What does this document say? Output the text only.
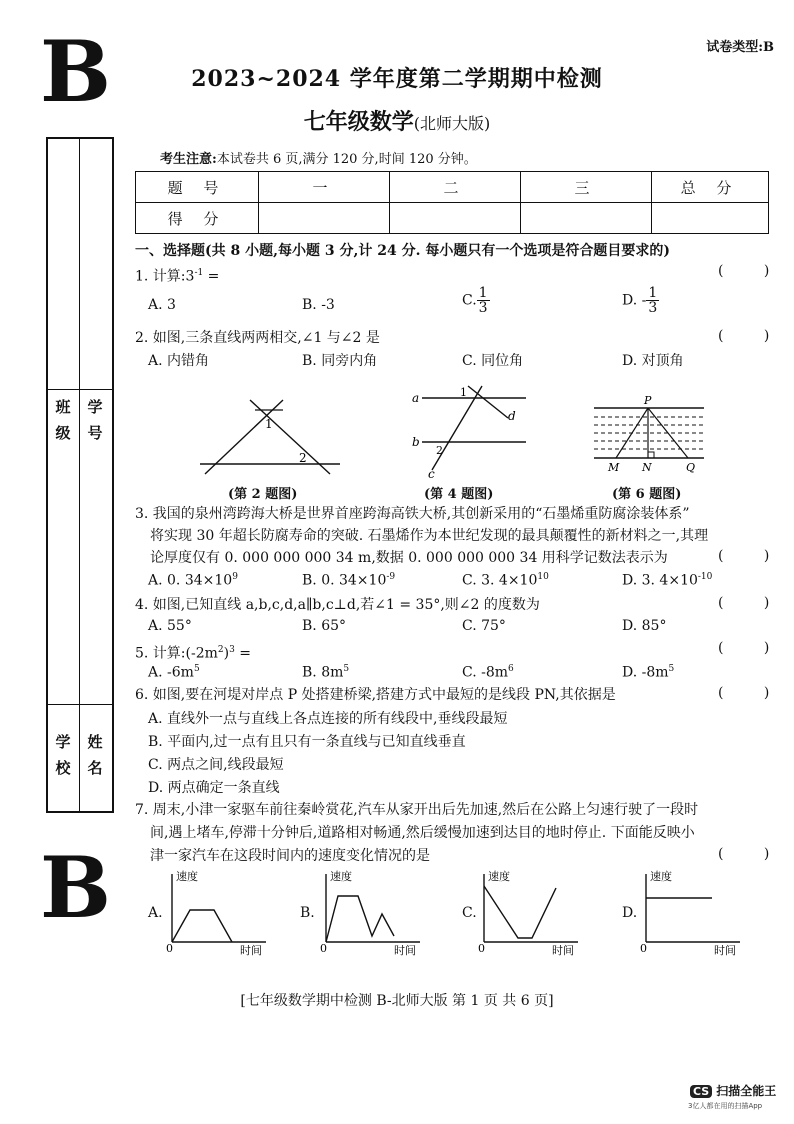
B
B
试卷类型:B
2023~2024 学年度第二学期期中检测
七年级数学(北师大版)
考生注意:本试卷共 6 页,满分 120 分,时间 120 分钟。
题 号	一	二	三	总 分
得 分				
班级
学号
学校
姓名
一、选择题(共 8 小题,每小题 3 分,计 24 分. 每小题只有一个选项是符合题目要求的)
1. 计算$:3^{-1}$ =	( )
A. 3	B. -3	C. $\frac{1}{3}$	D. - $\frac{1}{3}$
2. 如图,三条直线两两相交,∠1 与∠2 是	( )
A. 内错角	B. 同旁内角	C. 同位角	D. 对顶角
1
2
(第 2 题图)
a
b
c
d
1
2
(第 4 题图)
P
M N	Q
(第 6 题图)
3. 我国的泉州湾跨海大桥是世界首座跨海高铁大桥,其创新采用的“石墨烯重防腐涂装体系”
将实现 30 年超长防腐寿命的突破. 石墨烯作为本世纪发现的最具颠覆性的新材料之一,其理
论厚度仅有 0. 000 000 000 34 m,数据 0. 000 000 000 34 用科学记数法表示为	( )
A. 0. $34\times 10^9$	B. 0. $34\times 10^{-9}$	C. 3. $4\times 10^{10}$	D. 3. $4\times 10^{-10}$
4. 如图,已知直线 a,b,c,d,a∥b,c⊥d,若∠1 = 35°,则∠2 的度数为	( )
A. 55°	B. 65°	C. 75°	D. 85°
5. 计算$:(-2m^2)^3$ =	( )
A. $-6m^5$	B. $8m^5$	C. $-8m^6$	D. $-8m^5$
6. 如图,要在河堤对岸点 P 处搭建桥梁,搭建方式中最短的是线段 PN,其依据是	( )
A. 直线外一点与直线上各点连接的所有线段中,垂线段最短
B. 平面内,过一点有且只有一条直线与已知直线垂直
C. 两点之间,线段最短
D. 两点确定一条直线
7. 周末,小津一家驱车前往秦岭赏花,汽车从家开出后先加速,然后在公路上匀速行驶了一段时
间,遇上堵车,停滞十分钟后,道路相对畅通,然后缓慢加速到达目的地时停止. 下面能反映小
津一家汽车在这段时间内的速度变化情况的是	( )
A.
速度
0	时间
B.
速度
0	时间
C.
速度
0	时间
D.
速度
0	时间
[七年级数学期中检测 B-北师大版 第 1 页 共 6 页]
CS 扫描全能王
3亿人都在用的扫描App
